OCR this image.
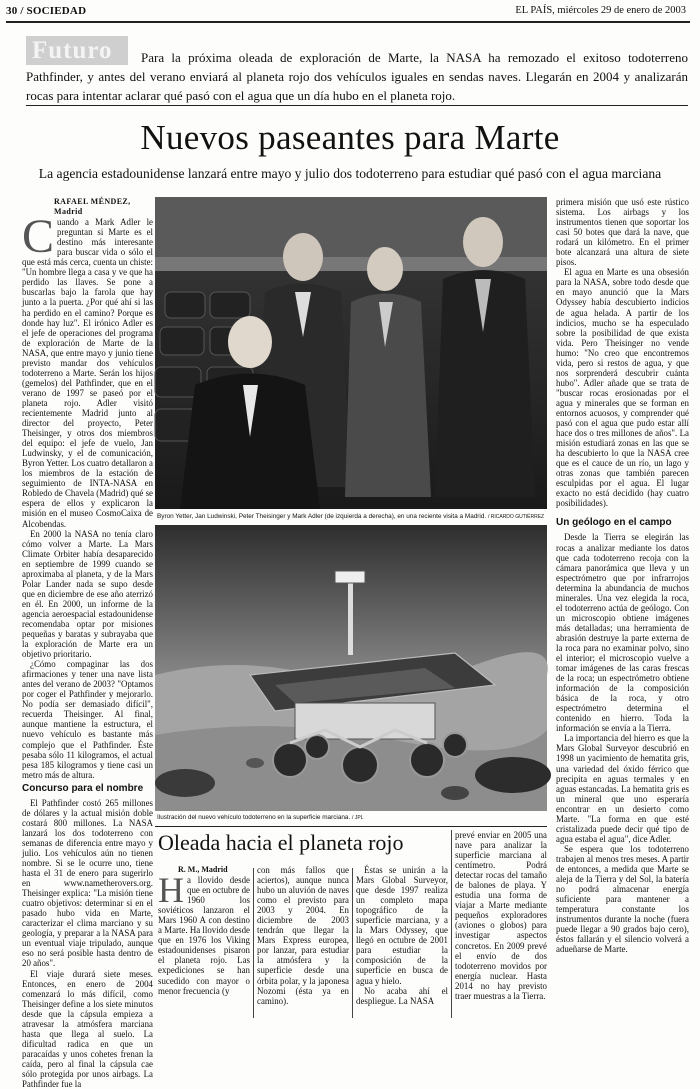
30 / SOCIEDAD	EL PAÍS, miércoles 29 de enero de 2003
Futuro	Para la próxima oleada de exploración de Marte, la NASA ha remozado el exitoso todoterreno Pathfinder, y antes del verano enviará al planeta rojo dos vehículos iguales en sendas naves. Llegarán en 2004 y analizarán rocas para intentar aclarar qué pasó con el agua que un día hubo en el planeta rojo.
Nuevos paseantes para Marte
La agencia estadounidense lanzará entre mayo y julio dos todoterreno para estudiar qué pasó con el agua marciana
RAFAEL MÉNDEZ, Madrid

Cuando a Mark Adler le preguntan si Marte es el destino más interesante para buscar vida o sólo el que está más cerca, cuenta un chiste: "Un hombre llega a casa y ve que ha perdido las llaves. Se pone a buscarlas bajo la farola que hay junto a la puerta. ¿Por qué ahí si las ha perdido en el camino? Porque es donde hay luz". El irónico Adler es el jefe de operaciones del programa de exploración de Marte de la NASA, que entre mayo y junio tiene previsto mandar dos vehículos todoterreno a Marte. Serán los hijos (gemelos) del Pathfinder, que en el verano de 1997 se paseó por el planeta rojo. Adler visitó recientemente Madrid junto al director del proyecto, Peter Theisinger, y otros dos miembros del equipo: el jefe de vuelo, Jan Ludwinsky, y el de comunicación, Byron Yetter. Los cuatro detallaron a los miembros de la estación de seguimiento de INTA-NASA en Robledo de Chavela (Madrid) qué se espera de ellos y explicaron la misión en el museo CosmoCaixa de Alcobendas.

En 2000 la NASA no tenía claro cómo volver a Marte. La Mars Climate Orbiter había desaparecido en septiembre de 1999 cuando se aproximaba al planeta, y de la Mars Polar Lander nada se supo desde que en diciembre de ese año aterrizó en él. En 2000, un informe de la agencia aeroespacial estadounidense recomendaba optar por misiones pequeñas y baratas y subrayaba que la exploración de Marte era un objetivo prioritario.

¿Cómo compaginar las dos afirmaciones y tener una nave lista antes del verano de 2003? "Optamos por coger el Pathfinder y mejorarlo. No podía ser demasiado difícil", recuerda Theisinger. Al final, aunque mantiene la estructura, el nuevo vehículo es bastante más complejo que el Pathfinder. Éste pesaba sólo 11 kilogramos, el actual pesa 185 kilogramos y tiene casi un metro más de altura.

Concurso para el nombre

El Pathfinder costó 265 millones de dólares y la actual misión doble costará 800 millones. La NASA lanzará los dos todoterreno con semanas de diferencia entre mayo y julio. Los vehículos aún no tienen nombre. Si se le ocurre uno, tiene hasta el 31 de enero para sugerirlo en www.nametherovers.org. Theisinger explica: "La misión tiene cuatro objetivos: determinar si en el pasado hubo vida en Marte, caracterizar el clima marciano y su geología, y preparar a la NASA para un eventual viaje tripulado, aunque eso no será posible hasta dentro de 20 años".

El viaje durará siete meses. Entonces, en enero de 2004 comenzará lo más difícil, como Theisinger define a los siete minutos desde que la cápsula empieza a atravesar la atmósfera marciana hasta que llega al suelo. La dificultad radica en que un paracaídas y unos cohetes frenan la caída, pero al final la cápsula cae sólo protegida por unos airbags. La Pathfinder fue la

Byron Yetter, Jan Ludwinski, Peter Theisinger y Mark Adler (de izquierda a derecha), en una reciente visita a Madrid. / RICARDO GUTIÉRREZ
Ilustración del nuevo vehículo todoterreno en la superficie marciana. / JPL

primera misión que usó este rústico sistema. Los airbags y los instrumentos tienen que soportar los casi 50 botes que dará la nave, que rodará un kilómetro. En el primer bote alcanzará una altura de siete pisos.

El agua en Marte es una obsesión para la NASA, sobre todo desde que en mayo anunció que la Mars Odyssey había descubierto indicios de agua helada. A partir de los indicios, mucho se ha especulado sobre la posibilidad de que exista vida. Pero Theisinger no vende humo: "No creo que encontremos vida, pero si restos de agua, y que nos sorprenderá descubrir cuánta hubo". Adler añade que se trata de "buscar rocas erosionadas por el agua y minerales que se forman en entornos acuosos, y comprender qué pasó con el agua que pudo estar allí hace dos o tres millones de años". La misión estudiará zonas en las que se ha descubierto lo que la NASA cree que es el cauce de un río, un lago y otras zonas que también parecen esculpidas por el agua. El lugar exacto no está decidido (hay cuatro posibilidades).

Un geólogo en el campo

Desde la Tierra se elegirán las rocas a analizar mediante los datos que cada todoterreno recoja con la cámara panorámica que lleva y un espectrómetro que por infrarrojos determina la abundancia de muchos minerales. Una vez elegida la roca, el todoterreno actúa de geólogo. Con un microscopio obtiene imágenes más detalladas; una herramienta de abrasión destruye la parte externa de la roca para no examinar polvo, sino el interior; el microscopio vuelve a tomar imágenes de las caras frescas de la roca; un espectrómetro obtiene información de la composición básica de la roca, y otro espectrómetro determina el contenido en hierro. Toda la información se envía a la Tierra.

La importancia del hierro es que la Mars Global Surveyor descubrió en 1998 un yacimiento de hematita gris, una variedad del óxido férrico que precipita en aguas termales y en aguas estancadas. La hematita gris es un mineral que uno esperaría encontrar en un desierto como Marte. "La forma en que esté cristalizada puede decir qué tipo de agua estaba el agua", dice Adler.

Se espera que los todoterreno trabajen al menos tres meses. A partir de entonces, a medida que Marte se aleja de la Tierra y del Sol, la batería no podrá almacenar energía suficiente para mantener a temperatura constante los instrumentos durante la noche (fuera puede llegar a 90 grados bajo cero), éstos fallarán y el silencio volverá a adueñarse de Marte.

Oleada hacia el planeta rojo
R. M., Madrid

Ha llovido desde que en octubre de 1960 los soviéticos lanzaron el Mars 1960 A con destino a Marte. Ha llovido desde que en 1976 los Viking estadounidenses pisaron el planeta rojo. Las expediciones se han sucedido con mayor o menor frecuencia (y

con más fallos que aciertos), aunque nunca hubo un aluvión de naves como el previsto para 2003 y 2004. En diciembre de 2003 tendrán que llegar la Mars Express europea, por lanzar, para estudiar la atmósfera y la superficie desde una órbita polar, y la japonesa Nozomi (ésta ya en camino).

Éstas se unirán a la Mars Global Surveyor, que desde 1997 realiza un completo mapa topográfico de la superficie marciana, y a la Mars Odyssey, que llegó en octubre de 2001 para estudiar la composición de la superficie en busca de agua y hielo.

No acaba ahí el despliegue. La NASA

prevé enviar en 2005 una nave para analizar la superficie marciana al centímetro. Podrá detectar rocas del tamaño de balones de playa. Y estudia una forma de viajar a Marte mediante pequeños exploradores (aviones o globos) para investigar aspectos concretos. En 2009 prevé el envío de dos todoterreno movidos por energía nuclear. Hasta 2014 no hay previsto traer muestras a la Tierra.
